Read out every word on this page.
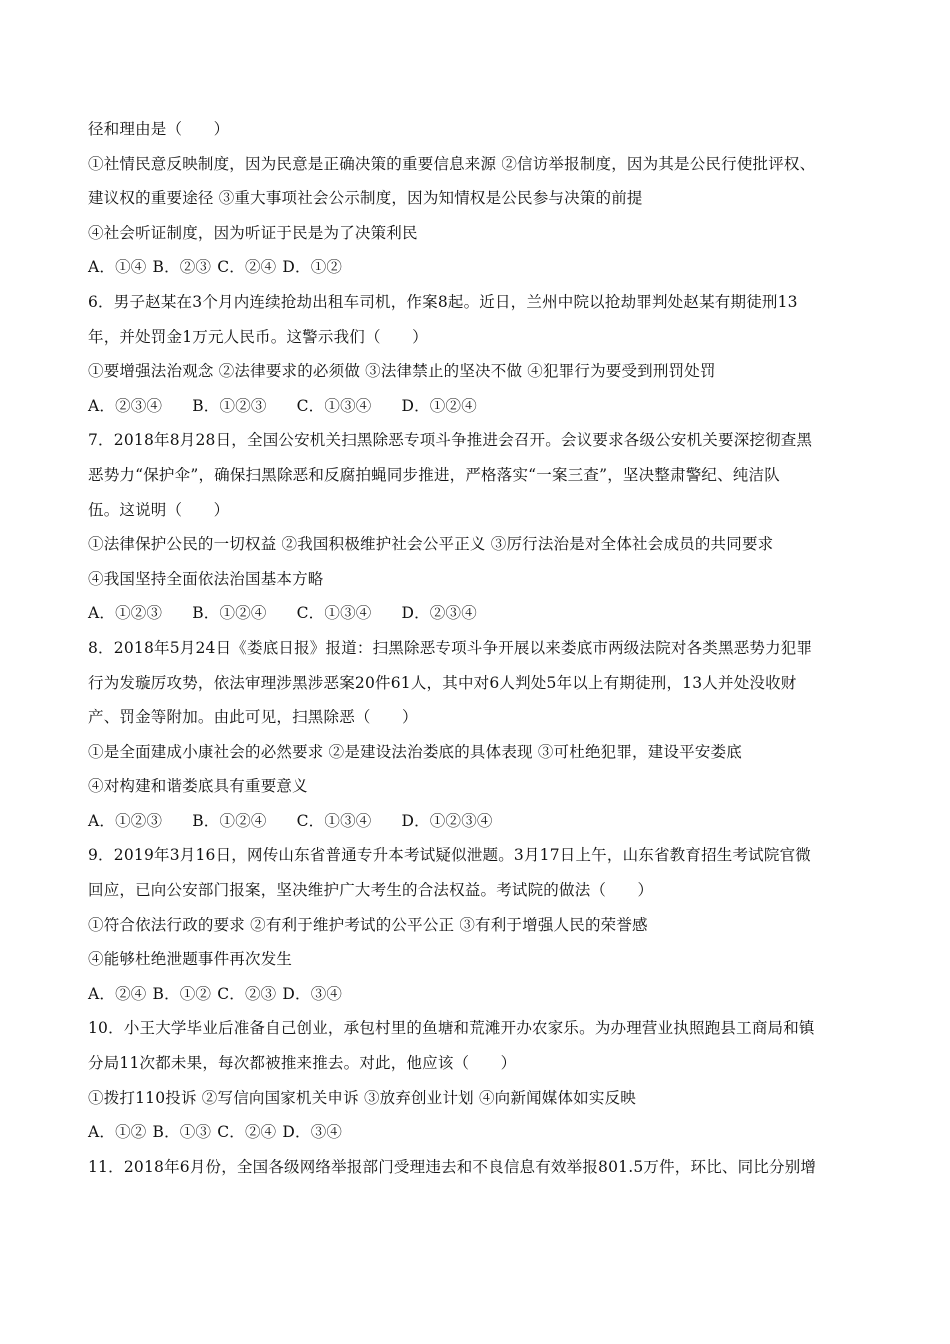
径和理由是（　　）
①社情民意反映制度，因为民意是正确决策的重要信息来源 ②信访举报制度，因为其是公民行使批评权、
建议权的重要途径 ③重大事项社会公示制度，因为知情权是公民参与决策的前提
④社会听证制度，因为听证于民是为了决策利民
A．①④ B．②③ C．②④ D．①②
6．男子赵某在3个月内连续抢劫出租车司机，作案8起。近日，兰州中院以抢劫罪判处赵某有期徒刑13
年，并处罚金1万元人民币。这警示我们（　　）
①要增强法治观念 ②法律要求的必须做 ③法律禁止的坚决不做 ④犯罪行为要受到刑罚处罚
A．②③④ B．①②③ C．①③④ D．①②④
7．2018年8月28日，全国公安机关扫黑除恶专项斗争推进会召开。会议要求各级公安机关要深挖彻查黑
恶势力“保护伞”，确保扫黑除恶和反腐拍蝇同步推进，严格落实“一案三查”，坚决整肃警纪、纯洁队
伍。这说明（　　）
①法律保护公民的一切权益 ②我国积极维护社会公平正义 ③厉行法治是对全体社会成员的共同要求
④我国坚持全面依法治国基本方略
A．①②③ B．①②④ C．①③④ D．②③④
8．2018年5月24日《娄底日报》报道：扫黑除恶专项斗争开展以来娄底市两级法院对各类黑恶势力犯罪
行为发璇厉攻势，依法审理涉黑涉恶案20件61人，其中对6人判处5年以上有期徒刑，13人并处没收财
产、罚金等附加。由此可见，扫黑除恶（　　）
①是全面建成小康社会的必然要求 ②是建设法治娄底的具体表现 ③可杜绝犯罪，建设平安娄底
④对构建和谐娄底具有重要意义
A．①②③ B．①②④ C．①③④ D．①②③④
9．2019年3月16日，网传山东省普通专升本考试疑似泄题。3月17日上午，山东省教育招生考试院官微
回应，已向公安部门报案，坚决维护广大考生的合法权益。考试院的做法（　　）
①符合依法行政的要求 ②有利于维护考试的公平公正 ③有利于增强人民的荣誉感
④能够杜绝泄题事件再次发生
A．②④ B．①② C．②③ D．③④
10．小王大学毕业后准备自己创业，承包村里的鱼塘和荒滩开办农家乐。为办理营业执照跑县工商局和镇
分局11次都未果，每次都被推来推去。对此，他应该（　　）
①拨打110投诉 ②写信向国家机关申诉 ③放弃创业计划 ④向新闻媒体如实反映
A．①② B．①③ C．②④ D．③④
11．2018年6月份，全国各级网络举报部门受理违去和不良信息有效举报801.5万件，环比、同比分别增
